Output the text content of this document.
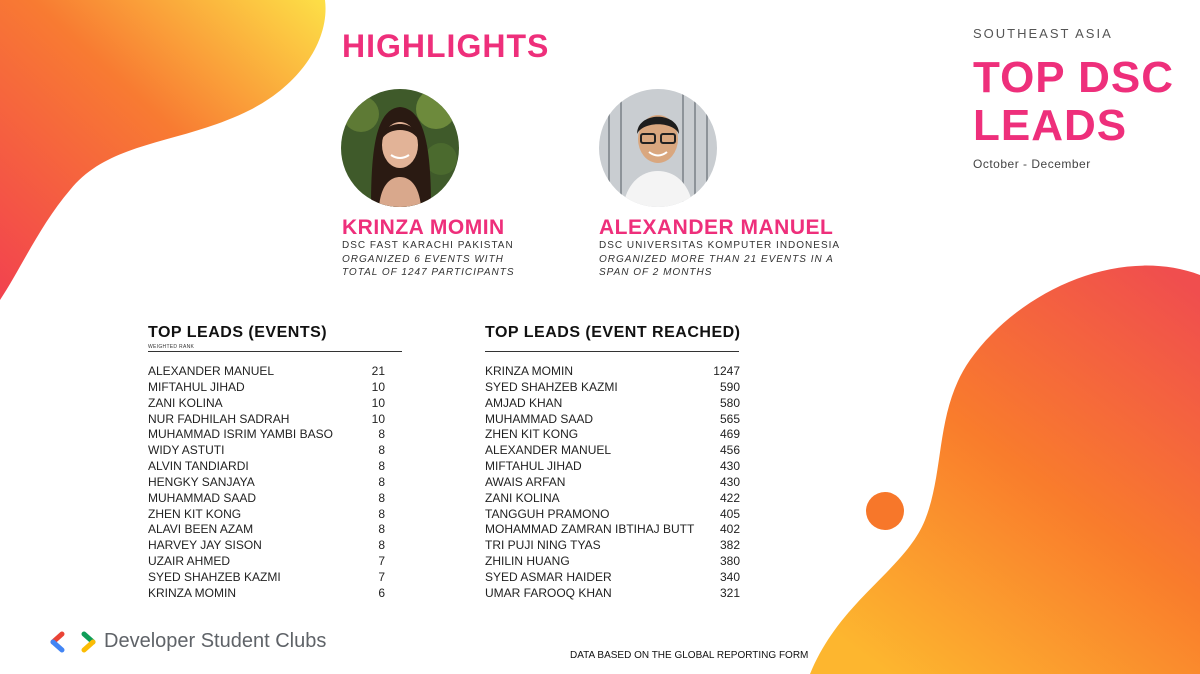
HIGHLIGHTS	SOUTHEAST ASIA
TOP DSC
LEADS
October - December
KRINZA MOMIN
DSC FAST KARACHI PAKISTAN
ORGANIZED 6 EVENTS WITH
TOTAL OF 1247 PARTICIPANTS
ALEXANDER MANUEL
DSC UNIVERSITAS KOMPUTER INDONESIA
ORGANIZED MORE THAN 21 EVENTS IN A
SPAN OF 2 MONTHS
TOP LEADS (EVENTS)
WEIGHTED RANK
ALEXANDER MANUEL	21
MIFTAHUL JIHAD	10
ZANI KOLINA	10
NUR FADHILAH SADRAH	10
MUHAMMAD ISRIM YAMBI BASO	8
WIDY ASTUTI	8
ALVIN TANDIARDI	8
HENGKY SANJAYA	8
MUHAMMAD SAAD	8
ZHEN KIT KONG	8
ALAVI BEEN AZAM	8
HARVEY JAY SISON	8
UZAIR AHMED	7
SYED SHAHZEB KAZMI	7
KRINZA MOMIN	6
TOP LEADS (EVENT REACHED)
KRINZA MOMIN	1247
SYED SHAHZEB KAZMI	590
AMJAD KHAN	580
MUHAMMAD SAAD	565
ZHEN KIT KONG	469
ALEXANDER MANUEL	456
MIFTAHUL JIHAD	430
AWAIS ARFAN	430
ZANI KOLINA	422
TANGGUH PRAMONO	405
MOHAMMAD ZAMRAN IBTIHAJ BUTT 402
TRI PUJI NING TYAS	382
ZHILIN HUANG	380
SYED ASMAR HAIDER	340
UMAR FAROOQ KHAN	321
Developer Student Clubs
DATA BASED ON THE GLOBAL REPORTING FORM
